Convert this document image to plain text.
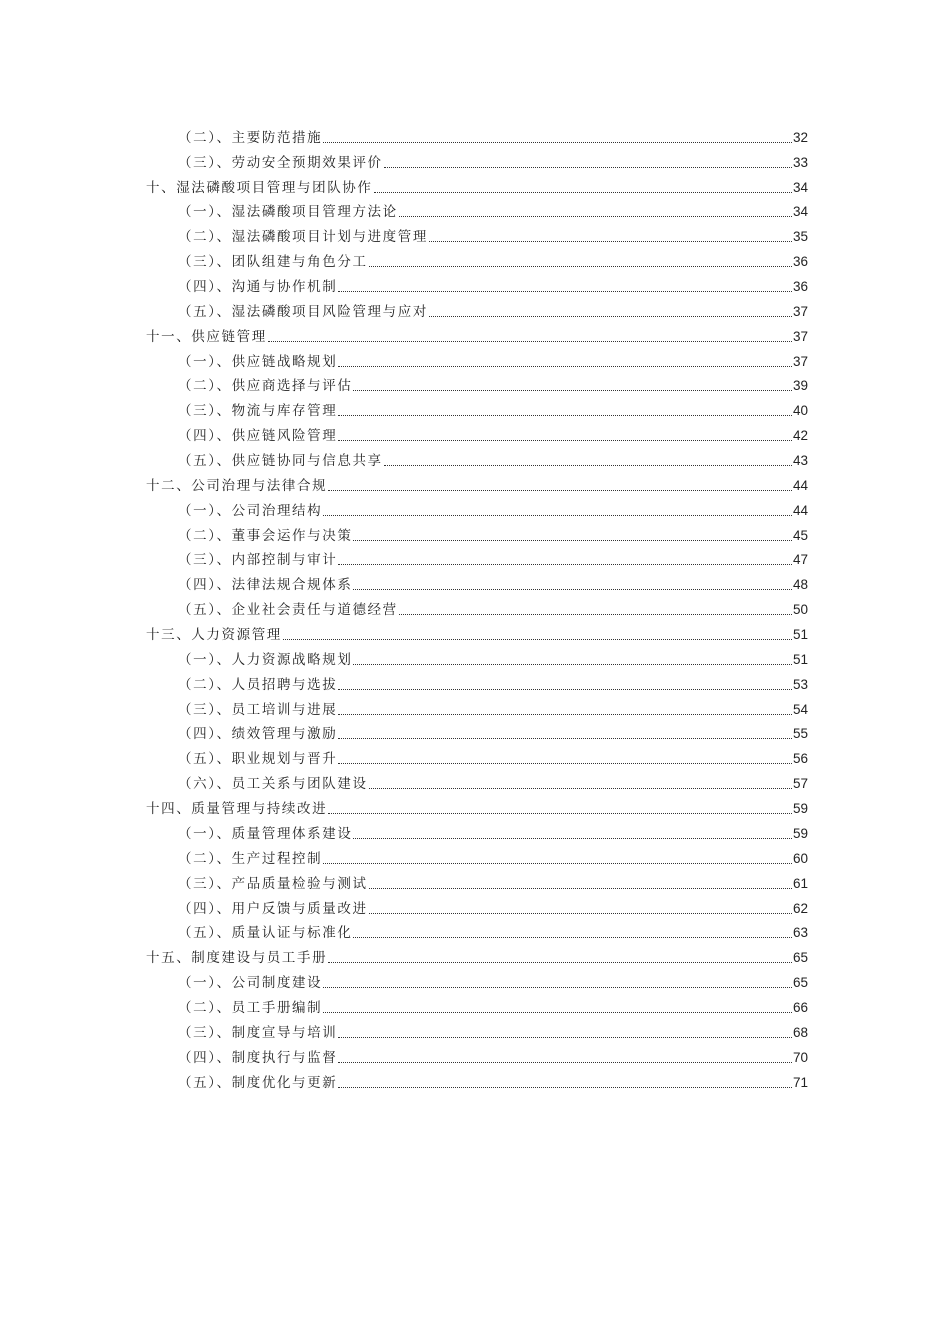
（二）、主要防范措施	32
（三）、劳动安全预期效果评价	33
十、湿法磷酸项目管理与团队协作	34
（一）、湿法磷酸项目管理方法论	34
（二）、湿法磷酸项目计划与进度管理	35
（三）、团队组建与角色分工	36
（四）、沟通与协作机制	36
（五）、湿法磷酸项目风险管理与应对	37
十一、供应链管理	37
（一）、供应链战略规划	37
（二）、供应商选择与评估	39
（三）、物流与库存管理	40
（四）、供应链风险管理	42
（五）、供应链协同与信息共享	43
十二、公司治理与法律合规	44
（一）、公司治理结构	44
（二）、董事会运作与决策	45
（三）、内部控制与审计	47
（四）、法律法规合规体系	48
（五）、企业社会责任与道德经营	50
十三、人力资源管理	51
（一）、人力资源战略规划	51
（二）、人员招聘与选拔	53
（三）、员工培训与进展	54
（四）、绩效管理与激励	55
（五）、职业规划与晋升	56
（六）、员工关系与团队建设	57
十四、质量管理与持续改进	59
（一）、质量管理体系建设	59
（二）、生产过程控制	60
（三）、产品质量检验与测试	61
（四）、用户反馈与质量改进	62
（五）、质量认证与标准化	63
十五、制度建设与员工手册	65
（一）、公司制度建设	65
（二）、员工手册编制	66
（三）、制度宣导与培训	68
（四）、制度执行与监督	70
（五）、制度优化与更新	71
